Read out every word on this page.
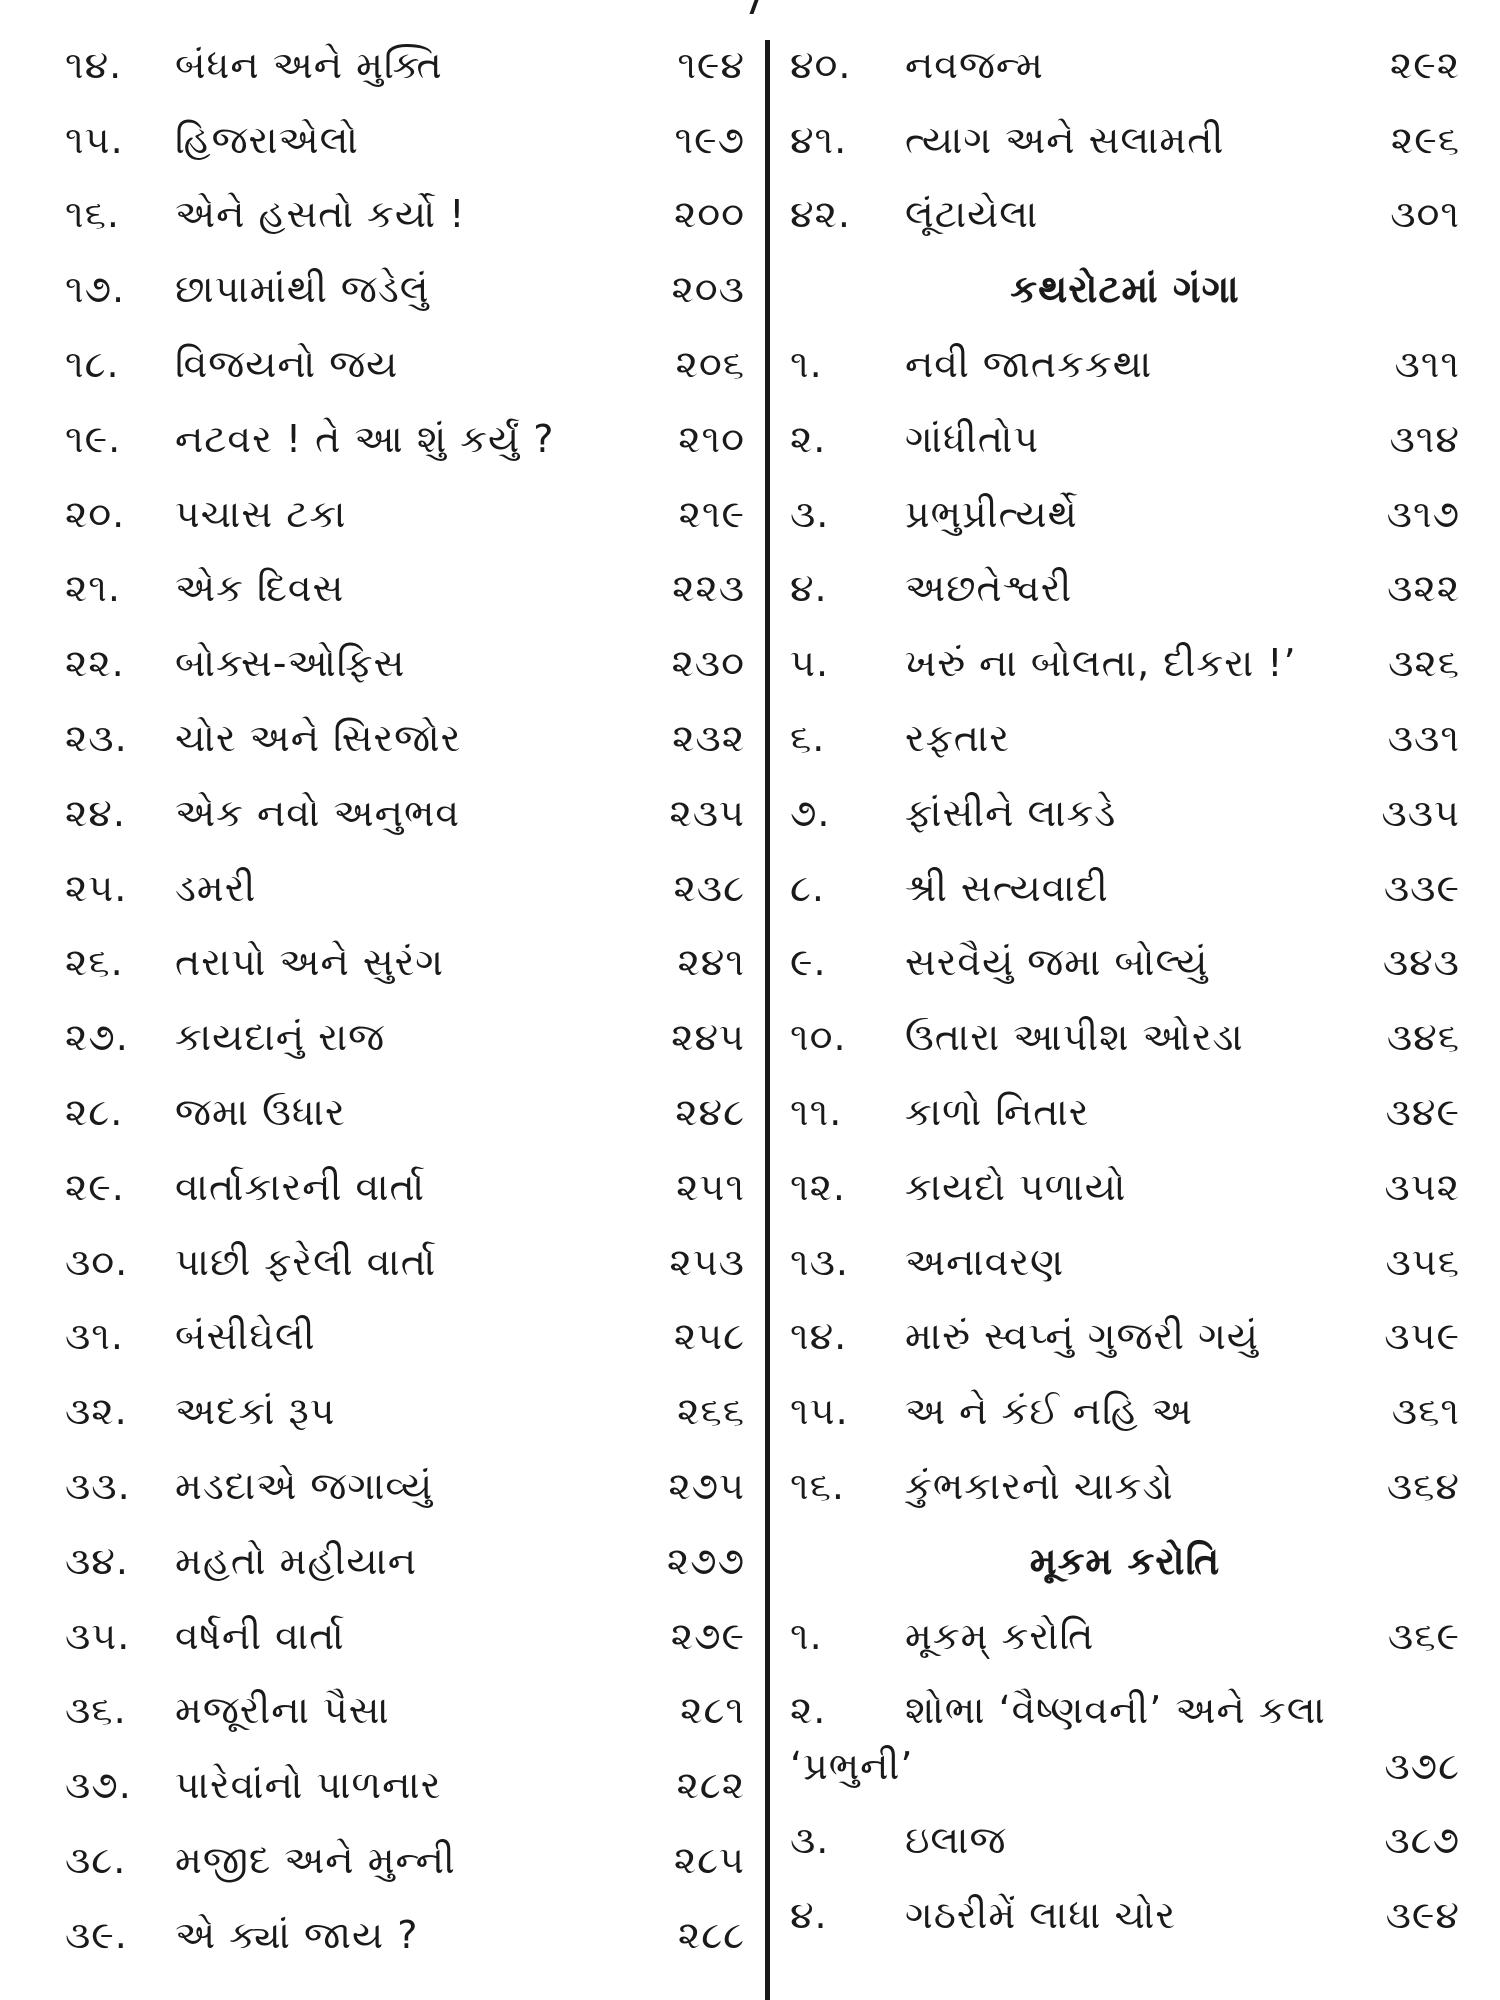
૧૪.	બંધન અને મુક્તિ	૧૯૪
૧૫.	હિજરાએલો	૧૯૭
૧૬.	એને હસતો કર્યો !	૨૦૦
૧૭.	છાપામાંથી જડેલું	૨૦૩
૧૮.	વિજયનો જય	૨૦૬
૧૯.	નટવર ! તે આ શું કર્યું ?	૨૧૦
૨૦.	પચાસ ટકા	૨૧૯
૨૧.	એક દિવસ	૨૨૩
૨૨.	બોક્સ-ઓફિસ	૨૩૦
૨૩.	ચોર અને સિરજોર	૨૩૨
૨૪.	એક નવો અનુભવ	૨૩૫
૨૫.	ડમરી	૨૩૮
૨૬.	તરાપો અને સુરંગ	૨૪૧
૨૭.	કાયદાનું રાજ	૨૪૫
૨૮.	જમા ઉધાર	૨૪૮
૨૯.	વાર્તાકારની વાર્તા	૨૫૧
૩૦.	પાછી ફરેલી વાર્તા	૨૫૩
૩૧.	બંસીઘેલી	૨૫૮
૩૨.	અદકાં રૂપ	૨૬૬
૩૩.	મડદાએ જગાવ્યું	૨૭૫
૩૪.	મહતો મહીયાન	૨૭૭
૩૫.	વર્ષની વાર્તા	૨૭૯
૩૬.	મજૂરીના પૈસા	૨૮૧
૩૭.	પારેવાંનો પાળનાર	૨૮૨
૩૮.	મજીદ અને મુન્ની	૨૮૫
૩૯.	એ ક્યાં જાય ?	૨૮૮
૪૦.	નવજન્મ	૨૯૨
૪૧.	ત્યાગ અને સલામતી	૨૯૬
૪૨.	લૂંટાયેલા	૩૦૧
કથરોટમાં ગંગા
૧.	નવી જાતકકથા	૩૧૧
૨.	ગાંધીતોપ	૩૧૪
૩.	પ્રભુપ્રીત્યર્થે	૩૧૭
૪.	અછતેશ્વરી	૩૨૨
૫.	ખરું ના બોલતા, દીકરા !’	૩૨૬
૬.	રફતાર	૩૩૧
૭.	ફાંસીને લાકડે	૩૩૫
૮.	શ્રી સત્યવાદી	૩૩૯
૯.	સરવૈયું જમા બોલ્યું	૩૪૩
૧૦.	ઉતારા આપીશ ઓરડા	૩૪૬
૧૧.	કાળો નિતાર	૩૪૯
૧૨.	કાયદો પળાયો	૩૫૨
૧૩.	અનાવરણ	૩૫૬
૧૪.	મારું સ્વપ્નું ગુજરી ગયું	૩૫૯
૧૫.	અ ને કંઈ નહિ અ	૩૬૧
૧૬.	કુંભકારનો ચાકડો	૩૬૪
મૂકમ કરોતિ
૧.	મૂકમ્ કરોતિ	૩૬૯
૨.	શોભા ‘વૈષ્ણવની’ અને કલા
‘પ્રભુની’	૩૭૮
૩.	ઇલાજ	૩૮૭
૪.	ગઠરીમેં લાધા ચોર	૩૯૪
